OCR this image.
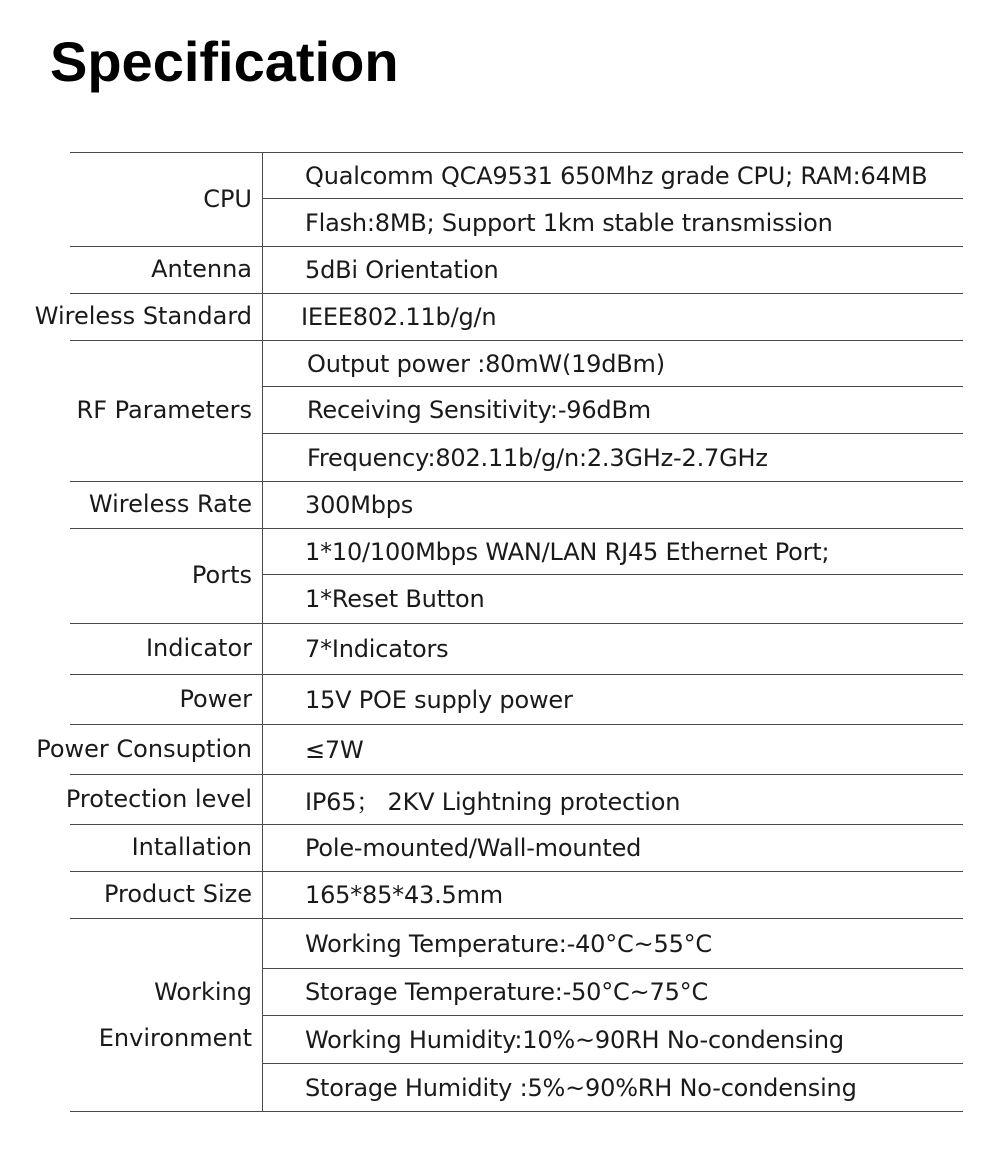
Specification
CPU
Qualcomm QCA9531 650Mhz grade CPU; RAM:64MB
Flash:8MB; Support 1km stable transmission
Antenna 5dBi Orientation
Wireless Standard IEEE802.11b/g/n
RF Parameters
Output power :80mW(19dBm)
Receiving Sensitivity:-96dBm
Frequency:802.11b/g/n:2.3GHz-2.7GHz
Wireless Rate 300Mbps
Ports
1*10/100Mbps WAN/LAN RJ45 Ethernet Port;
1*Reset Button
Indicator 7*Indicators
Power 15V POE supply power
Power Consuption ≤7W
Protection level IP65； 2KV Lightning protection
Intallation Pole-mounted/Wall-mounted
Product Size 165*85*43.5mm
Working Environment
Working Temperature:-40°C~55°C
Storage Temperature:-50°C~75°C
Working Humidity:10%~90RH No-condensing
Storage Humidity :5%~90%RH No-condensing
